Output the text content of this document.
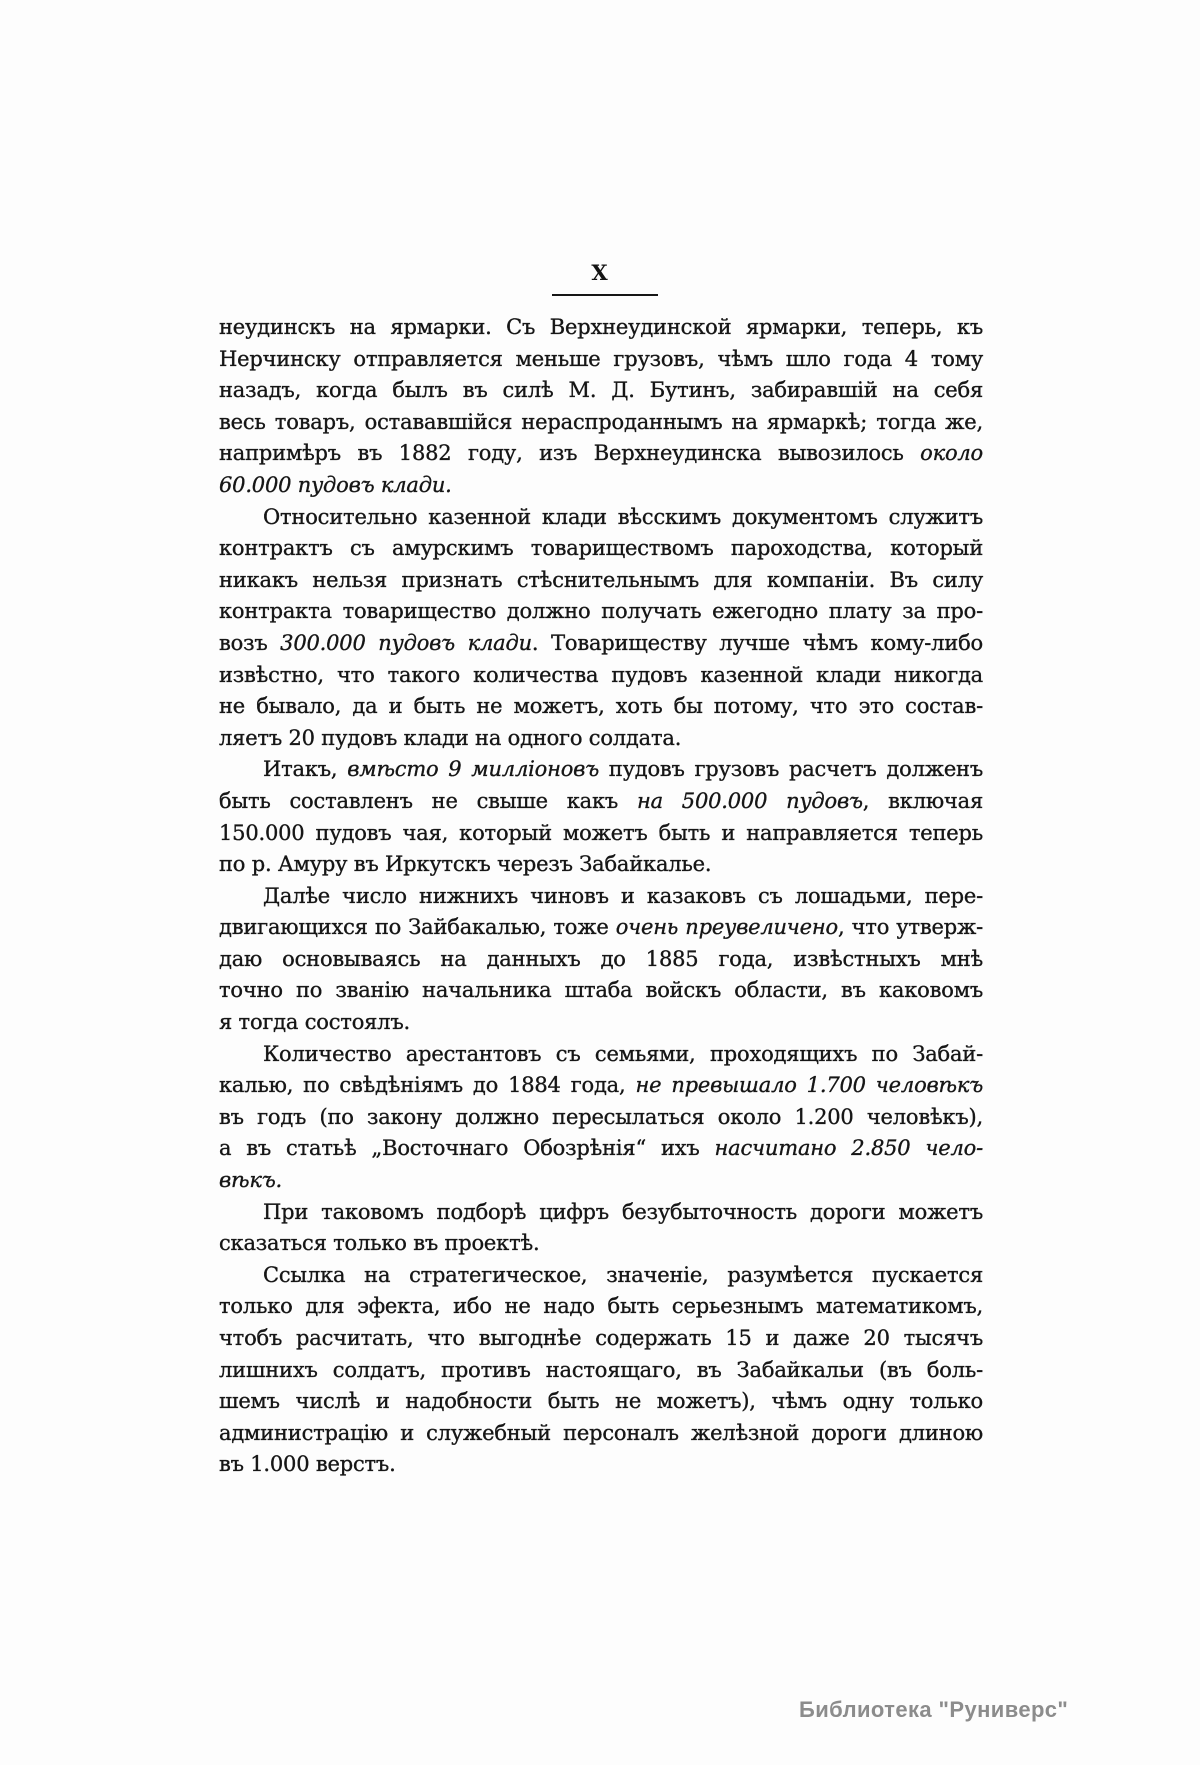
X
неудинскъ на ярмарки. Съ Верхнеудинской ярмарки, теперь, къ
Нерчинску отправляется меньше грузовъ, чѣмъ шло года 4 тому
назадъ, когда былъ въ силѣ М. Д. Бутинъ, забиравшій на себя
весь товаръ, остававшійся нераспроданнымъ на ярмаркѣ; тогда же,
напримѣръ въ 1882 году, изъ Верхнеудинска вывозилось около
60.000 пудовъ клади.
Относительно казенной клади вѣсскимъ документомъ служитъ
контрактъ съ амурскимъ товариществомъ пароходства, который
никакъ нельзя признать стѣснительнымъ для компаніи. Въ силу
контракта товарищество должно получать ежегодно плату за про-
возъ 300.000 пудовъ клади. Товариществу лучше чѣмъ кому-либо
извѣстно, что такого количества пудовъ казенной клади никогда
не бывало, да и быть не можетъ, хоть бы потому, что это состав-
ляетъ 20 пудовъ клади на одного солдата.
Итакъ, вмѣсто 9 милліоновъ пудовъ грузовъ расчетъ долженъ
быть составленъ не свыше какъ на 500.000 пудовъ, включая
150.000 пудовъ чая, который можетъ быть и направляется теперь
по р. Амуру въ Иркутскъ черезъ Забайкалье.
Далѣе число нижнихъ чиновъ и казаковъ съ лошадьми, пере-
двигающихся по Зайбакалью, тоже очень преувеличено, что утверж-
даю основываясь на данныхъ до 1885 года, извѣстныхъ мнѣ
точно по званію начальника штаба войскъ области, въ каковомъ
я тогда состоялъ.
Количество арестантовъ съ семьями, проходящихъ по Забай-
калью, по свѣдѣніямъ до 1884 года, не превышало 1.700 человѣкъ
въ годъ (по закону должно пересылаться около 1.200 человѣкъ),
а въ статьѣ „Восточнаго Обозрѣнія“ ихъ насчитано 2.850 чело-
вѣкъ.
При таковомъ подборѣ цифръ безубыточность дороги можетъ
сказаться только въ проектѣ.
Ссылка на стратегическое, значеніе, разумѣется пускается
только для эфекта, ибо не надо быть серьезнымъ математикомъ,
чтобъ расчитать, что выгоднѣе содержать 15 и даже 20 тысячъ
лишнихъ солдатъ, противъ настоящаго, въ Забайкальи (въ боль-
шемъ числѣ и надобности быть не можетъ), чѣмъ одну только
администрацію и служебный персоналъ желѣзной дороги длиною
въ 1.000 верстъ.
Библиотека "Руниверс"
